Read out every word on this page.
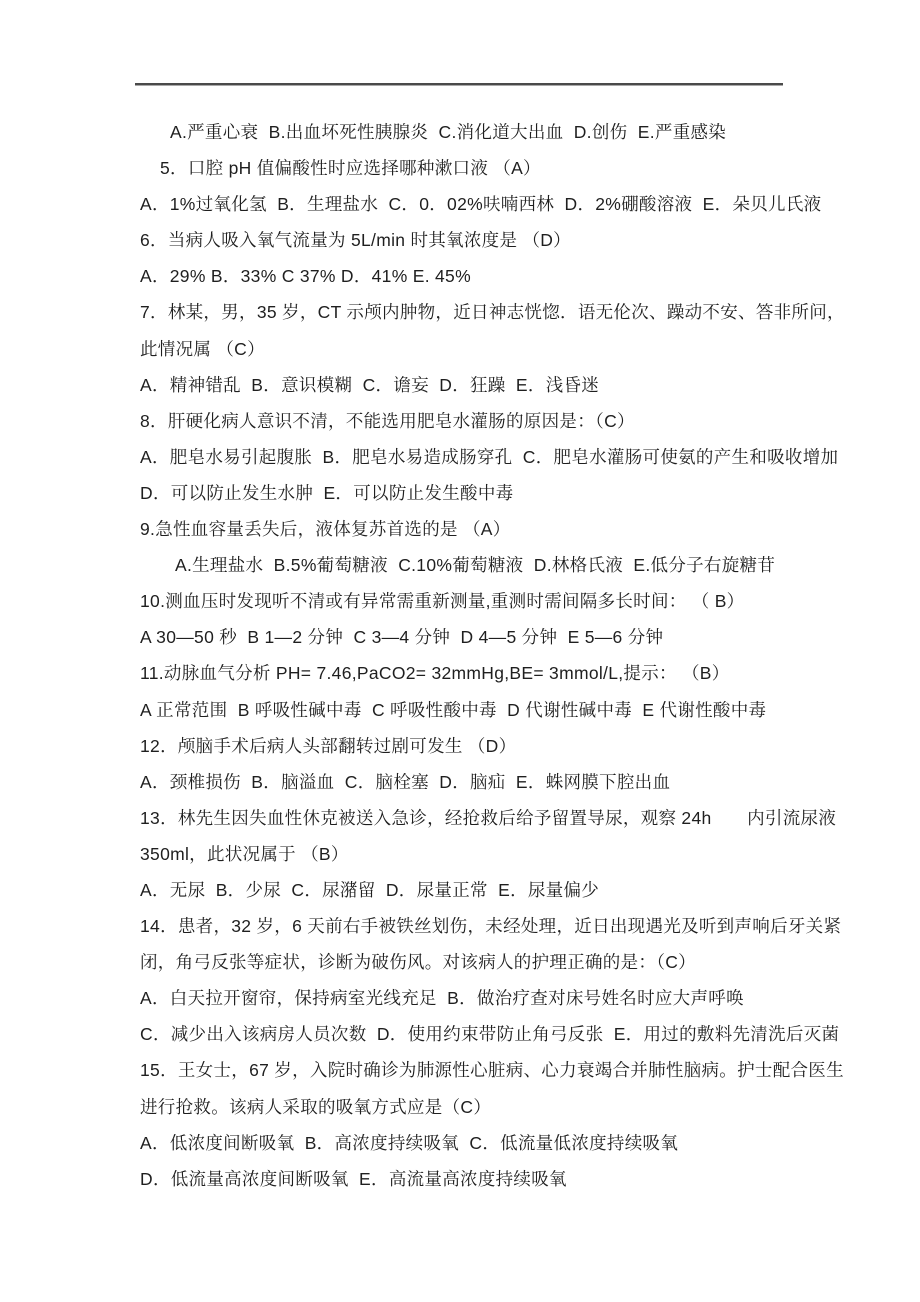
A.严重心衰  B.出血坏死性胰腺炎  C.消化道大出血  D.创伤  E.严重感染
5．口腔 pH 值偏酸性时应选择哪种漱口液 （A）
A．1%过氧化氢  B．生理盐水  C．0．02%呋喃西林  D．2%硼酸溶液  E．朵贝儿氏液
6．当病人吸入氧气流量为 5L/min 时其氧浓度是 （D）
A．29% B．33% C 37% D．41% E. 45%
7．林某，男，35 岁，CT 示颅内肿物，近日神志恍惚．语无伦次、躁动不安、答非所问，
此情况属 （C）
A．精神错乱  B．意识模糊  C．谵妄  D．狂躁  E．浅昏迷
8．肝硬化病人意识不清，不能选用肥皂水灌肠的原因是：（C）
A．肥皂水易引起腹胀  B．肥皂水易造成肠穿孔  C．肥皂水灌肠可使氨的产生和吸收增加
D．可以防止发生水肿  E．可以防止发生酸中毒
9.急性血容量丢失后，液体复苏首选的是 （A）
A.生理盐水  B.5%葡萄糖液  C.10%葡萄糖液  D.林格氏液  E.低分子右旋糖苷
10.测血压时发现听不清或有异常需重新测量,重测时需间隔多长时间： （ B）
A 30—50 秒  B 1—2 分钟  C 3—4 分钟  D 4—5 分钟  E 5—6 分钟
11.动脉血气分析 PH= 7.46,PaCO2= 32mmHg,BE= 3mmol/L,提示： （B）
A 正常范围  B 呼吸性碱中毒  C 呼吸性酸中毒  D 代谢性碱中毒  E 代谢性酸中毒
12．颅脑手术后病人头部翻转过剧可发生 （D）
A．颈椎损伤  B．脑溢血  C．脑栓塞  D．脑疝  E．蛛网膜下腔出血
13．林先生因失血性休克被送入急诊，经抢救后给予留置导尿，观察 24h　　内引流尿液
350ml，此状况属于 （B）
A．无尿  B．少尿  C．尿潴留  D．尿量正常  E．尿量偏少
14．患者，32 岁，6 天前右手被铁丝划伤，未经处理，近日出现遇光及听到声响后牙关紧
闭，角弓反张等症状，诊断为破伤风。对该病人的护理正确的是：（C）
A．白天拉开窗帘，保持病室光线充足  B．做治疗查对床号姓名时应大声呼唤
C．减少出入该病房人员次数  D．使用约束带防止角弓反张  E．用过的敷料先清洗后灭菌
15．王女士，67 岁，入院时确诊为肺源性心脏病、心力衰竭合并肺性脑病。护士配合医生
进行抢救。该病人采取的吸氧方式应是（C）
A．低浓度间断吸氧  B．高浓度持续吸氧  C．低流量低浓度持续吸氧
D．低流量高浓度间断吸氧  E．高流量高浓度持续吸氧
